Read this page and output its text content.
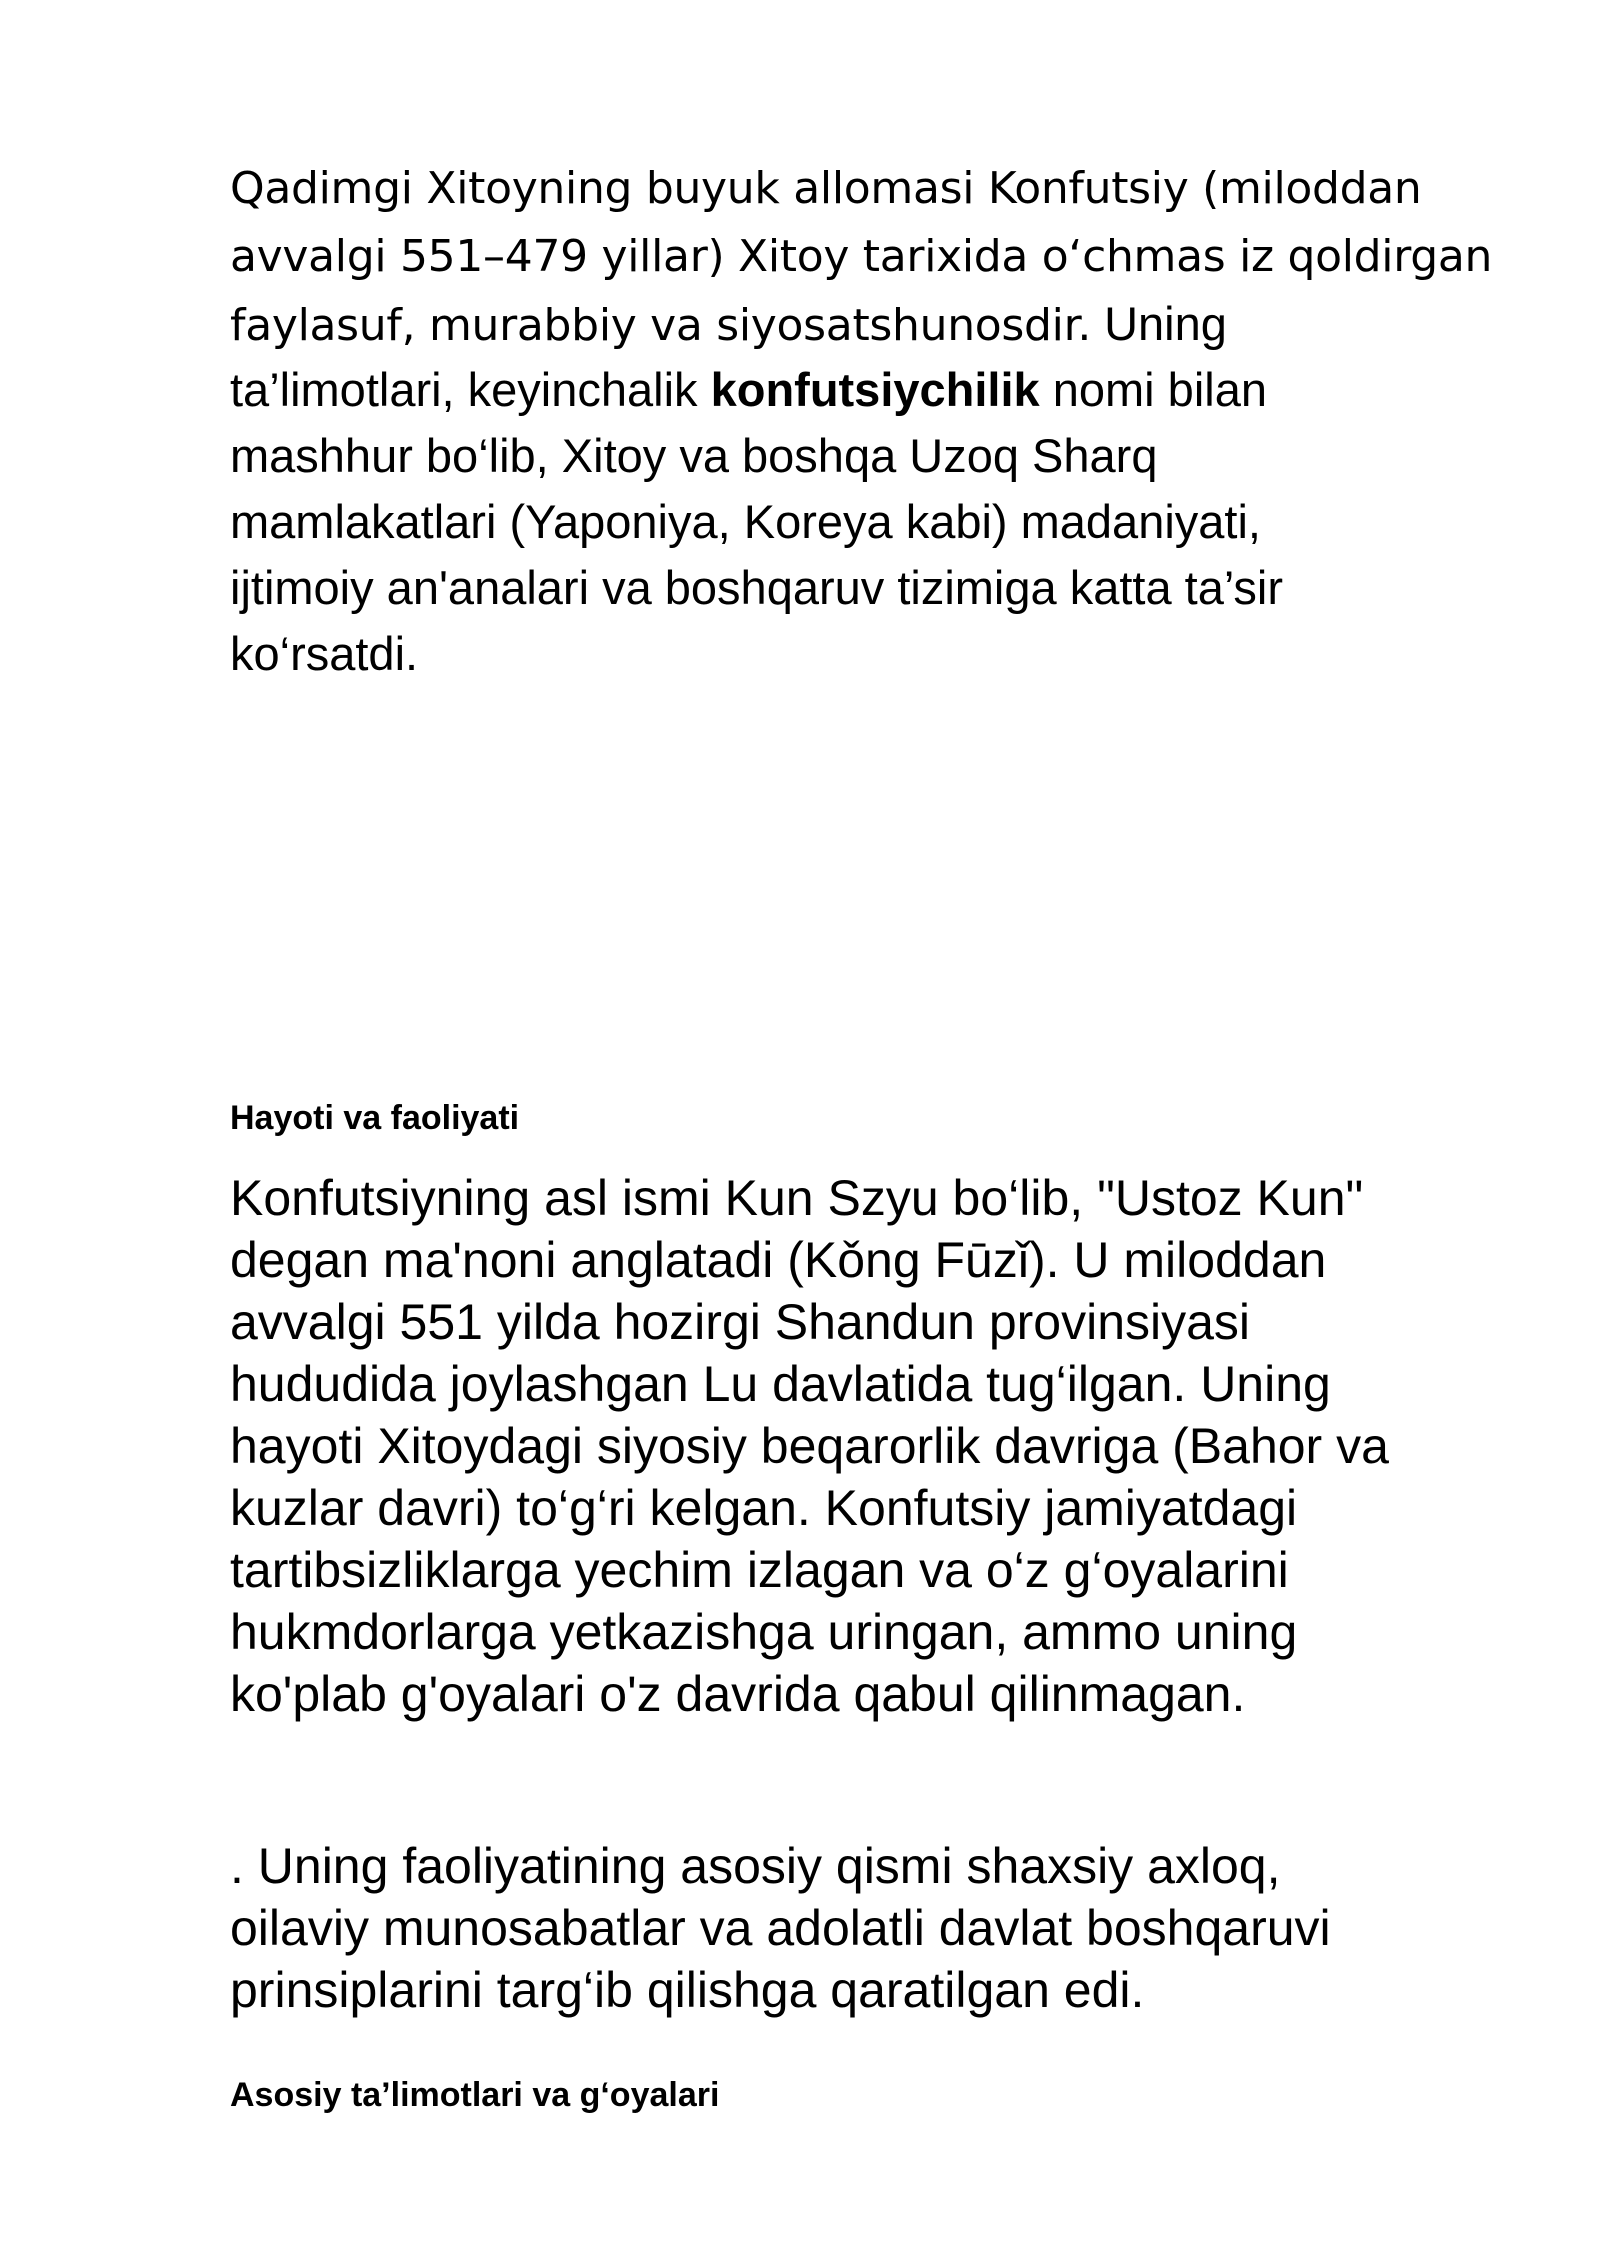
Qadimgi Xitoyning buyuk allomasi Konfutsiy (miloddan
avvalgi 551–479 yillar) Xitoy tarixida o‘chmas iz qoldirgan
faylasuf, murabbiy va siyosatshunosdir. Uning
ta’limotlari, keyinchalik konfutsiychilik nomi bilan
mashhur bo‘lib, Xitoy va boshqa Uzoq Sharq
mamlakatlari (Yaponiya, Koreya kabi) madaniyati,
ijtimoiy an'analari va boshqaruv tizimiga katta ta’sir
ko‘rsatdi.
Hayoti va faoliyati
Konfutsiyning asl ismi Kun Szyu bo‘lib, "Ustoz Kun"
degan ma'noni anglatadi (Kǒng Fūzǐ). U miloddan
avvalgi 551 yilda hozirgi Shandun provinsiyasi
hududida joylashgan Lu davlatida tug‘ilgan. Uning
hayoti Xitoydagi siyosiy beqarorlik davriga (Bahor va
kuzlar davri) to‘g‘ri kelgan. Konfutsiy jamiyatdagi
tartibsizliklarga yechim izlagan va o‘z g‘oyalarini
hukmdorlarga yetkazishga uringan, ammo uning
ko'plab g'oyalari o'z davrida qabul qilinmagan.
. Uning faoliyatining asosiy qismi shaxsiy axloq,
oilaviy munosabatlar va adolatli davlat boshqaruvi
prinsiplarini targ‘ib qilishga qaratilgan edi.
Asosiy ta’limotlari va g‘oyalari
